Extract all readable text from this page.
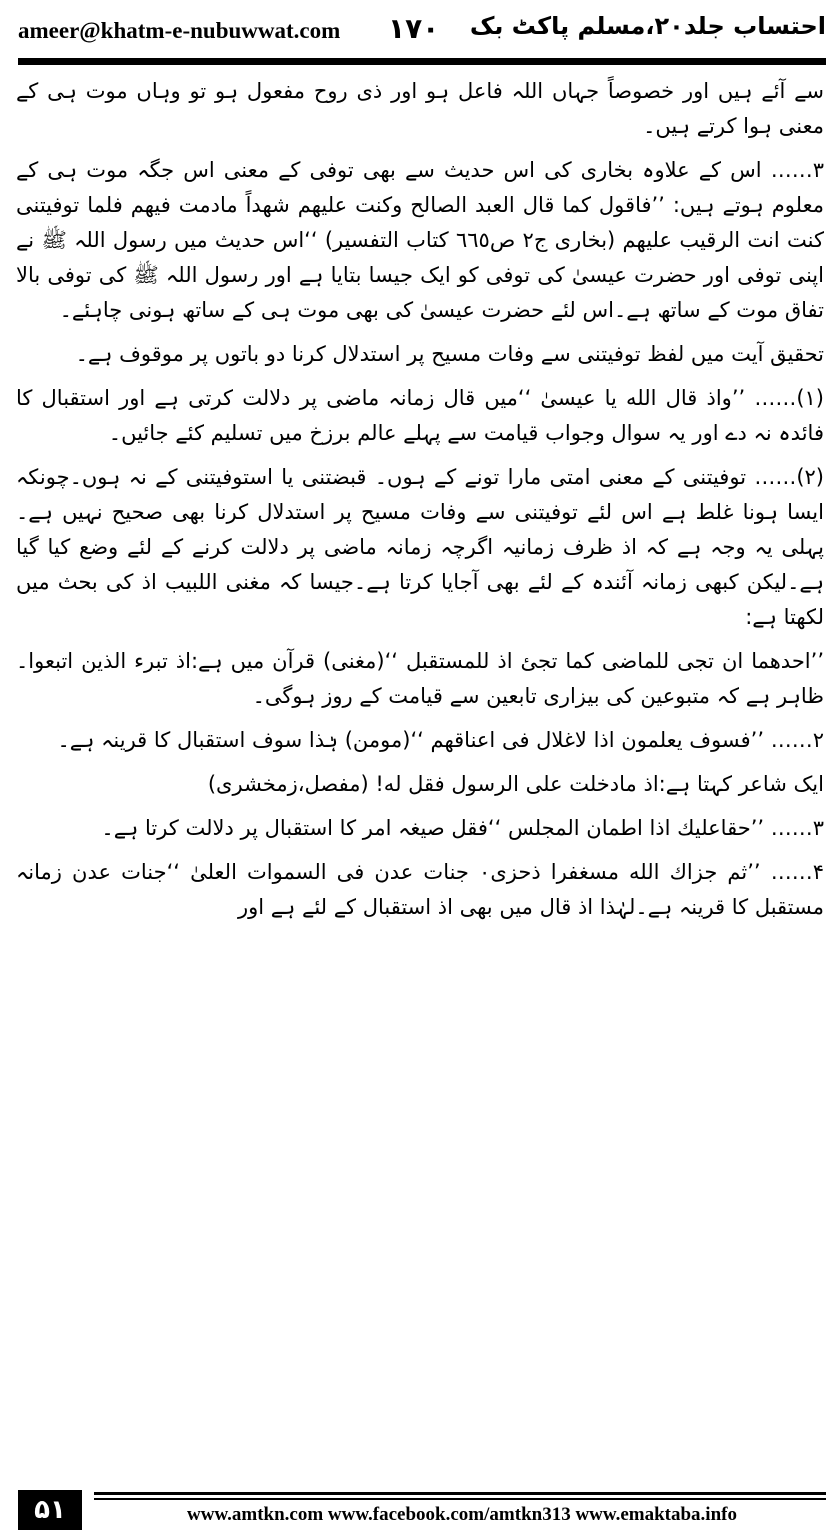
ameer@khatm-e-nubuwwat.com ۱۷۰ احتساب جلد۲۰،مسلم پاکٹ بک

سے آئے ہیں اور خصوصاً جہاں اللہ فاعل ہو اور ذی روح مفعول ہو تو وہاں موت ہی کے معنی ہوا کرتے ہیں۔

۳…… اس کے علاوہ بخاری کی اس حدیث سے بھی توفی کے معنی اس جگہ موت ہی کے معلوم ہوتے ہیں: ’’فاقول کما قال العبد الصالح وکنت علیهم شهداً مادمت فیهم فلما توفیتنی کنت انت الرقیب علیهم (بخاری ج۲ ص٦٦٥ کتاب التفسیر) ‘‘اس حدیث میں رسول اللہ ﷺ نے اپنی توفی اور حضرت عیسیٰ کی توفی کو ایک جیسا بتایا ہے اور رسول اللہ ﷺ کی توفی بالا تفاق موت کے ساتھ ہے۔اس لئے حضرت عیسیٰ کی بھی موت ہی کے ساتھ ہونی چاہئے۔

تحقیق آیت میں لفظ توفیتنی سے وفات مسیح پر استدلال کرنا دو باتوں پر موقوف ہے۔

(۱)…… ’’واذ قال الله یا عیسیٰ ‘‘میں قال زمانہ ماضی پر دلالت کرتی ہے اور استقبال کا فائدہ نہ دے اور یہ سوال وجواب قیامت سے پہلے عالم برزخ میں تسلیم کئے جائیں۔

(۲)…… توفیتنی کے معنی امتی مارا تونے کے ہوں۔ قبضتنی یا استوفیتنی کے نہ ہوں۔چونکہ ایسا ہونا غلط ہے اس لئے توفیتنی سے وفات مسیح پر استدلال کرنا بھی صحیح نہیں ہے۔ پہلی یہ وجہ ہے کہ اذ ظرف زمانیہ اگرچہ زمانہ ماضی پر دلالت کرنے کے لئے وضع کیا گیا ہے۔لیکن کبھی زمانہ آئندہ کے لئے بھی آجایا کرتا ہے۔جیسا کہ مغنی اللبیب اذ کی بحث میں لکھتا ہے:

’’احدهما ان تجی للماضی کما تجئ اذ للمستقبل ‘‘(مغنی) قرآن میں ہے:اذ تبرء الذین اتبعوا۔ظاہر ہے کہ متبوعین کی بیزاری تابعین سے قیامت کے روز ہوگی۔

۲…… ’’فسوف یعلمون اذا لاغلال فی اعناقهم ‘‘(مومن) ہٰذا سوف استقبال کا قرینہ ہے۔

ایک شاعر کہتا ہے:اذ مادخلت علی الرسول فقل له! (مفصل،زمخشری)

۳…… ’’حقاعلیك اذا اطمان المجلس ‘‘فقل صیغہ امر کا استقبال پر دلالت کرتا ہے۔

۴…… ’’ثم جزاك الله مسغفرا ذحزی۰ جنات عدن فی السموات العلیٰ ‘‘جنات عدن زمانہ مستقبل کا قرینہ ہے۔لہٰذا اذ قال میں بھی اذ استقبال کے لئے ہے اور

۵۱	www.amtkn.com www.facebook.com/amtkn313 www.emaktaba.info
